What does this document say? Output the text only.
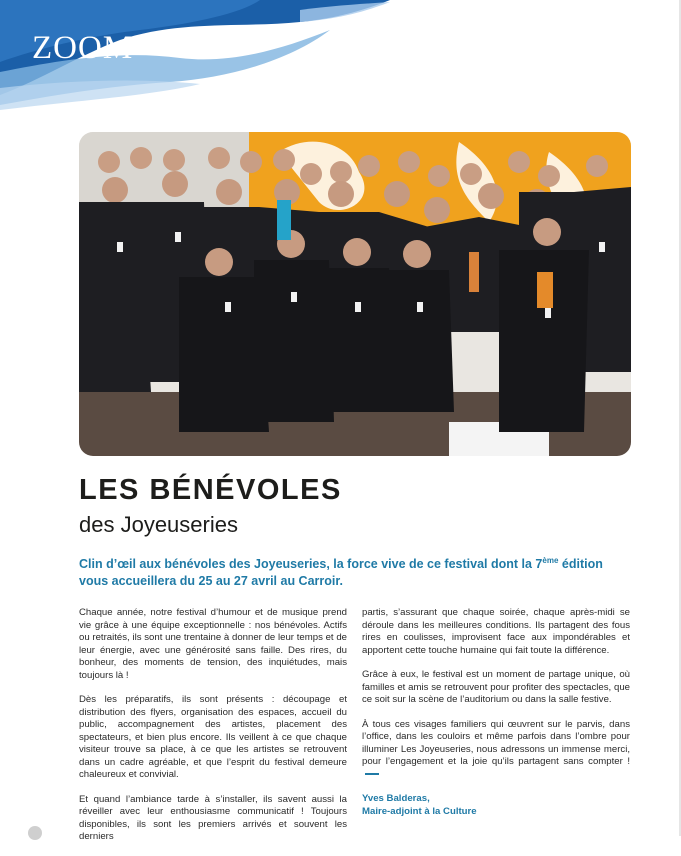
ZOOM
LES BÉNÉVOLES
des Joyeuseries
Clin d’œil aux bénévoles des Joyeuseries, la force vive de ce festival dont la 7ème édition vous accueillera du 25 au 27 avril au Carroir.

Chaque année, notre festival d’humour et de musique prend vie grâce à une équipe exceptionnelle : nos bénévoles. Actifs ou retraités, ils sont une trentaine à donner de leur temps et de leur énergie, avec une générosité sans faille. Des rires, du bonheur, des moments de tension, des inquiétudes, mais toujours là !

Dès les préparatifs, ils sont présents : découpage et distribution des flyers, organisation des espaces, accueil du public, accompagnement des artistes, placement des spectateurs, et bien plus encore. Ils veillent à ce que chaque visiteur trouve sa place, à ce que les artistes se retrouvent dans un cadre agréable, et que l’esprit du festival demeure chaleureux et convivial.

Et quand l’ambiance tarde à s’installer, ils savent aussi la réveiller avec leur enthousiasme communicatif ! Toujours disponibles, ils sont les premiers arrivés et souvent les derniers

partis, s’assurant que chaque soirée, chaque après-midi se déroule dans les meilleures conditions. Ils partagent des fous rires en coulisses, improvisent face aux impondérables et apportent cette touche humaine qui fait toute la différence.

Grâce à eux, le festival est un moment de partage unique, où familles et amis se retrouvent pour profiter des spectacles, que ce soit sur la scène de l’auditorium ou dans la salle festive.

À tous ces visages familiers qui œuvrent sur le parvis, dans l’office, dans les couloirs et même parfois dans l’ombre pour illuminer Les Joyeuseries, nous adressons un immense merci, pour l’engagement et la joie qu’ils partagent sans compter !

Yves Balderas,
Maire-adjoint à la Culture
